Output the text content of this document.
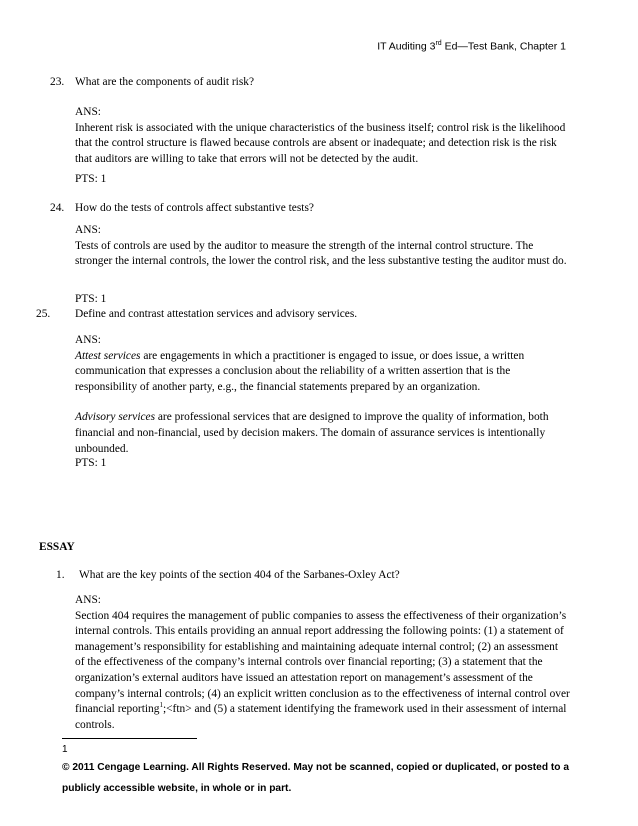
IT Auditing 3rd Ed—Test Bank, Chapter 1
23. What are the components of audit risk?

ANS:

Inherent risk is associated with the unique characteristics of the business itself; control risk is the likelihood that the control structure is flawed because controls are absent or inadequate; and detection risk is the risk that auditors are willing to take that errors will not be detected by the audit.

PTS: 1
24. How do the tests of controls affect substantive tests?

ANS:

Tests of controls are used by the auditor to measure the strength of the internal control structure. The stronger the internal controls, the lower the control risk, and the less substantive testing the auditor must do.

PTS: 1
25. Define and contrast attestation services and advisory services.

ANS:

Attest services are engagements in which a practitioner is engaged to issue, or does issue, a written communication that expresses a conclusion about the reliability of a written assertion that is the responsibility of another party, e.g., the financial statements prepared by an organization.

Advisory services are professional services that are designed to improve the quality of information, both financial and non-financial, used by decision makers. The domain of assurance services is intentionally unbounded.

PTS: 1
ESSAY
1. What are the key points of the section 404 of the Sarbanes-Oxley Act?

ANS:

Section 404 requires the management of public companies to assess the effectiveness of their organization’s internal controls. This entails providing an annual report addressing the following points: (1) a statement of management’s responsibility for establishing and maintaining adequate internal control; (2) an assessment of the effectiveness of the company’s internal controls over financial reporting; (3) a statement that the organization’s external auditors have issued an attestation report on management’s assessment of the company’s internal controls; (4) an explicit written conclusion as to the effectiveness of internal control over financial reporting$^1$;<ftn> and (5) a statement identifying the framework used in their assessment of internal controls.

1
© 2011 Cengage Learning. All Rights Reserved. May not be scanned, copied or duplicated, or posted to a publicly accessible website, in whole or in part.
